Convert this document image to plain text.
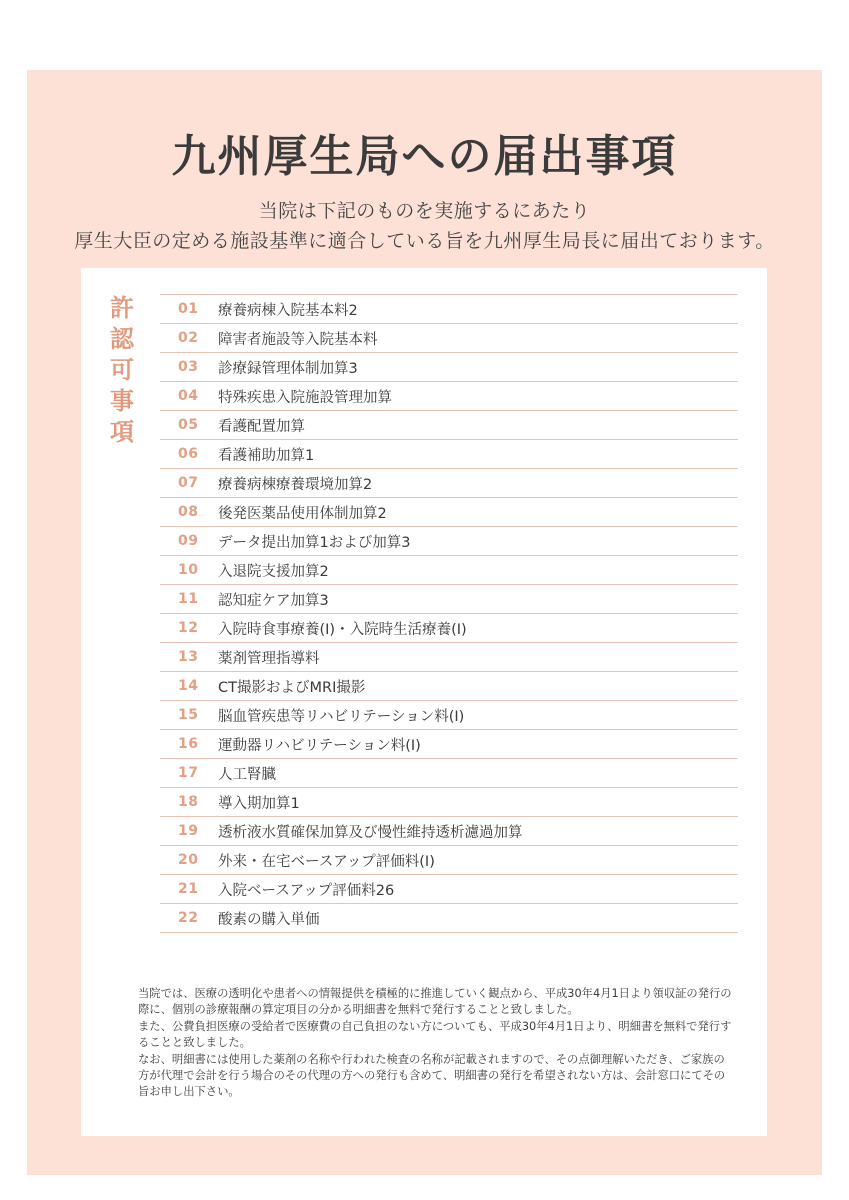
九州厚生局への届出事項
当院は下記のものを実施するにあたり
厚生大臣の定める施設基準に適合している旨を九州厚生局長に届出ております。
許
認
可
事
項
01	療養病棟入院基本料2
02	障害者施設等入院基本料
03	診療録管理体制加算3
04	特殊疾患入院施設管理加算
05	看護配置加算
06	看護補助加算1
07	療養病棟療養環境加算2
08	後発医薬品使用体制加算2
09	データ提出加算1および加算3
10	入退院支援加算2
11	認知症ケア加算3
12	入院時食事療養(Ⅰ)・入院時生活療養(Ⅰ)
13	薬剤管理指導料
14	CT撮影およびMRI撮影
15	脳血管疾患等リハビリテーション料(Ⅰ)
16	運動器リハビリテーション料(Ⅰ)
17	人工腎臓
18	導入期加算1
19	透析液水質確保加算及び慢性維持透析濾過加算
20	外来・在宅ベースアップ評価料(Ⅰ)
21	入院ベースアップ評価料26
22	酸素の購入単価

当院では、医療の透明化や患者への情報提供を積極的に推進していく観点から、平成30年4月1日より領収証の発行の際に、個別の診療報酬の算定項目の分かる明細書を無料で発行することと致しました。

また、公費負担医療の受給者で医療費の自己負担のない方についても、平成30年4月1日より、明細書を無料で発行することと致しました。

なお、明細書には使用した薬剤の名称や行われた検査の名称が記載されますので、その点御理解いただき、ご家族の方が代理で会計を行う場合のその代理の方への発行も含めて、明細書の発行を希望されない方は、会計窓口にてその旨お申し出下さい。
